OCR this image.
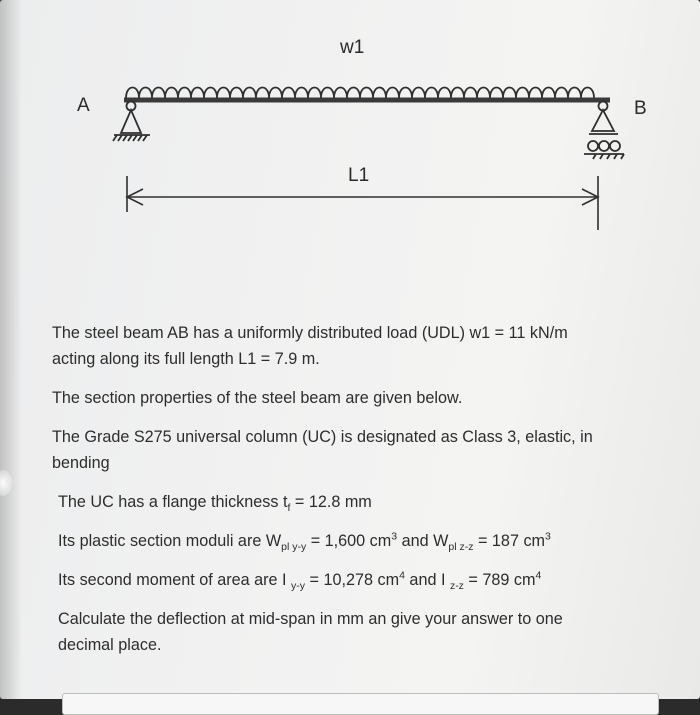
w1
A	B
L1

The steel beam AB has a uniformly distributed load (UDL) w1 = 11 kN/m
acting along its full length L1 = 7.9 m.

The section properties of the steel beam are given below.

The Grade S275 universal column (UC) is designated as Class 3, elastic, in
bending

The UC has a flange thickness $t_f = 12.8$ mm

Its plastic section moduli are $W_{pl y-y} = 1,600$ $cm^3$ and $W_{pl z-z} = 187$ $cm^3$

Its second moment of area are I $_{y-y}$ = 10,278 $cm^4$ and I $_{z-z}$ = 789 $cm^4$

Calculate the deflection at mid-span in mm an give your answer to one
decimal place.
